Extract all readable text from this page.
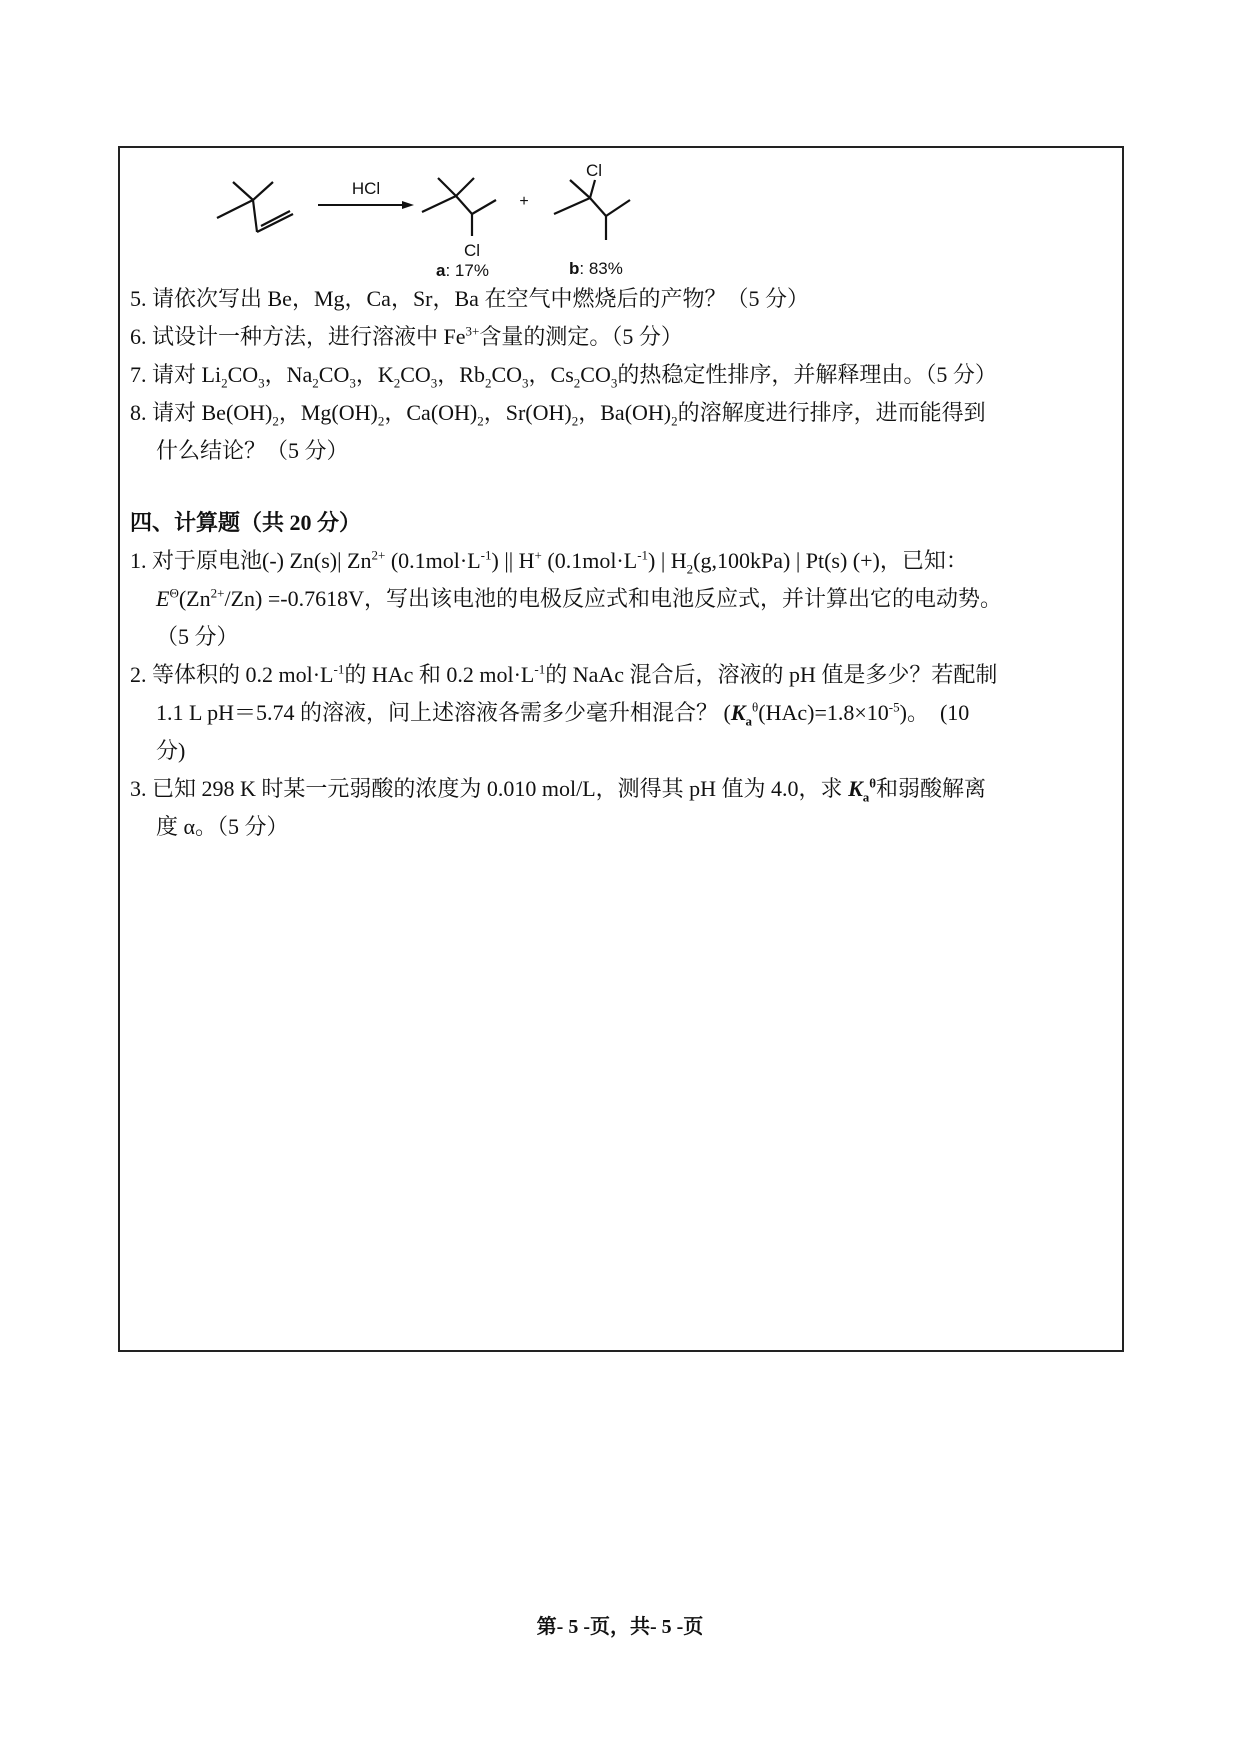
HCl
Cl
+
Cl
a: 17%	b: 83%
5. 请依次写出 Be，Mg，Ca，Sr，Ba 在空气中燃烧后的产物？（5 分）
6. 试设计一种方法，进行溶液中 $Fe^{3+}$含量的测定。（5 分）
7. 请对 $Li_2CO_3$，$Na_2CO_3$，$K_2CO_3$，$Rb_2CO_3$，$Cs_2CO_3$的热稳定性排序，并解释理由。（5 分）
8. 请对 $Be(OH)_2$，$Mg(OH)_2$，$Ca(OH)_2$，$Sr(OH)_2$，$Ba(OH)_2$的溶解度进行排序，进而能得到
什么结论？（5 分）
四、计算题（共 20 分）
1. 对于原电池(-) Zn(s)| $Zn^{2+}$ $(0.1mol\cdot L^{-1})$ || H+ $(0.1mol\cdot L^{-1})$ | $H_2(g,100kPa)$ | Pt(s) (+)，已知：
$E^\Theta(Zn^{2+}/Zn) =-0.7618V$，写出该电池的电极反应式和电池反应式，并计算出它的电动势。
（5 分）
2. 等体积的 0.2 $mol\cdot L^{-1}$的 HAc 和 0.2 $mol\cdot L^{-1}$的 NaAc 混合后，溶液的 pH 值是多少？若配制
1.1 L pH＝5.74 的溶液，问上述溶液各需多少毫升相混合？ $(K_a^\theta(HAc)=1.8\times 10^{-5})$。　(10
分)
3. 已知 298 K 时某一元弱酸的浓度为 0.010 mol/L，测得其 pH 值为 4.0，求 $K_a^\theta$和弱酸解离
度 α。（5 分）
第- 5 -页，共- 5 -页
